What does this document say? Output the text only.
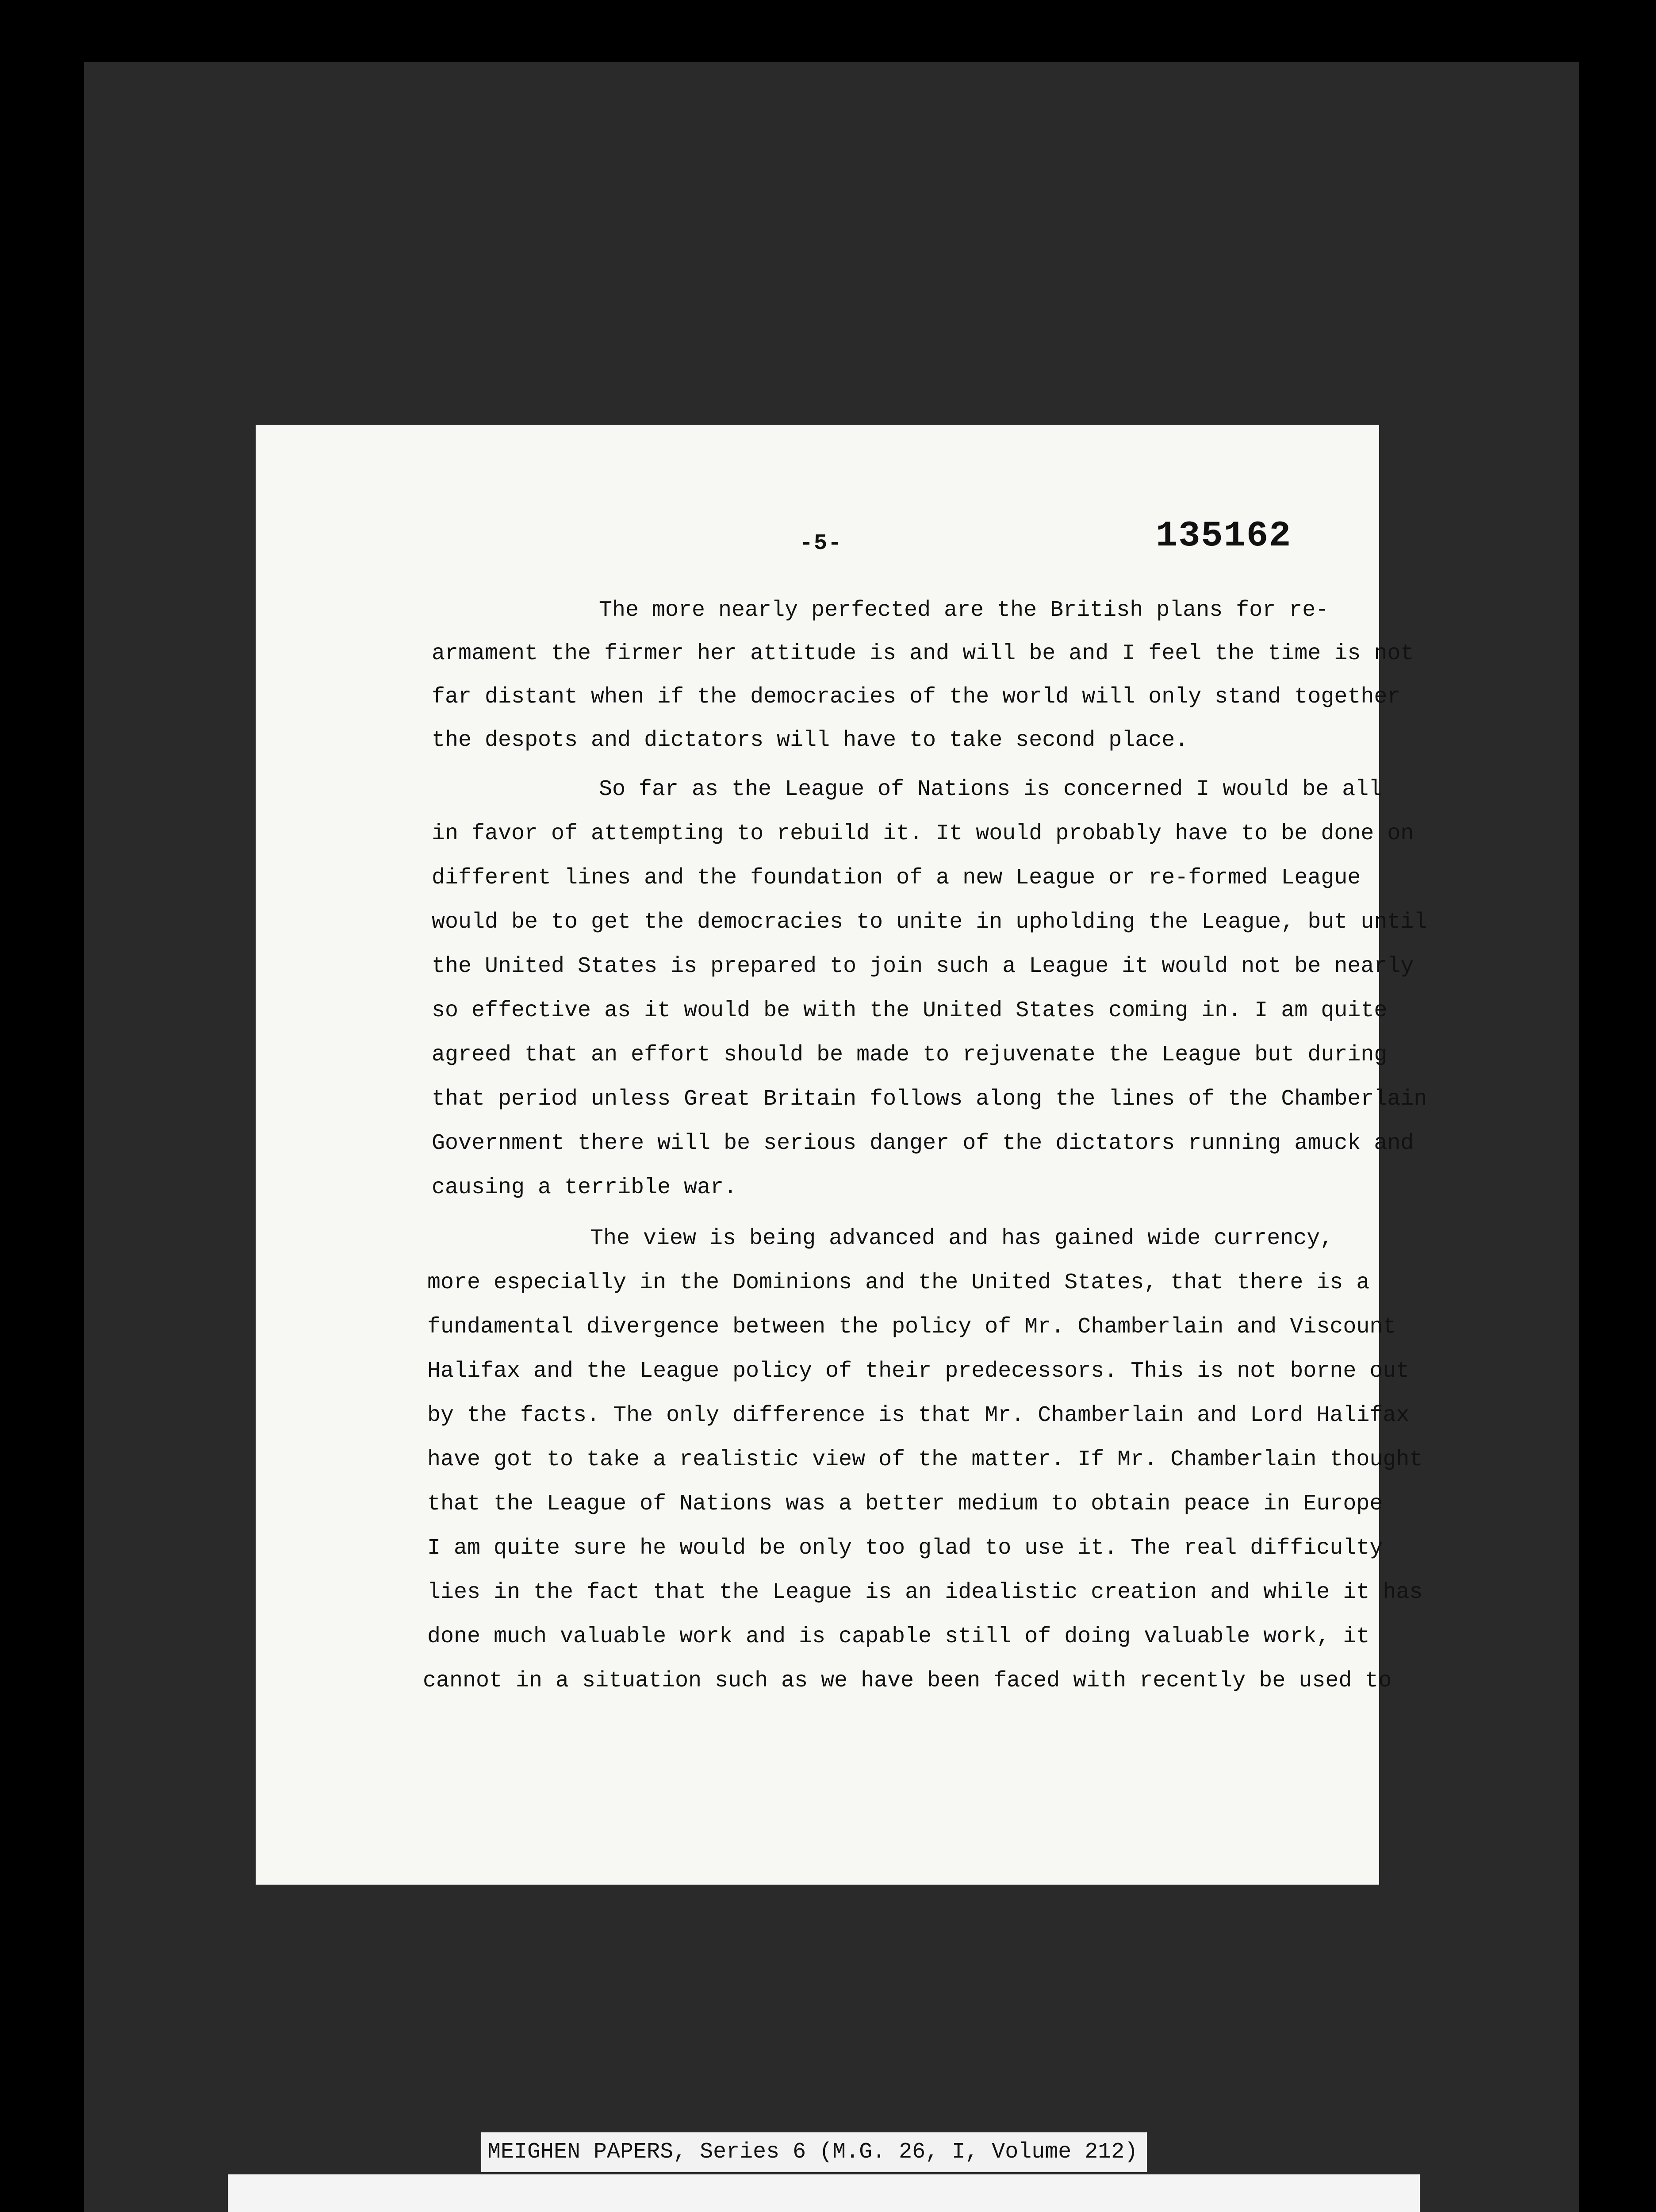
-5-	135162
The more nearly perfected are the British plans for re-
armament the firmer her attitude is and will be and I feel the time is not
far distant when if the democracies of the world will only stand together
the despots and dictators will have to take second place.
So far as the League of Nations is concerned I would be all
in favor of attempting to rebuild it. It would probably have to be done on
different lines and the foundation of a new League or re-formed League
would be to get the democracies to unite in upholding the League, but until
the United States is prepared to join such a League it would not be nearly
so effective as it would be with the United States coming in. I am quite
agreed that an effort should be made to rejuvenate the League but during
that period unless Great Britain follows along the lines of the Chamberlain
Government there will be serious danger of the dictators running amuck and
causing a terrible war.
The view is being advanced and has gained wide currency,
more especially in the Dominions and the United States, that there is a
fundamental divergence between the policy of Mr. Chamberlain and Viscount
Halifax and the League policy of their predecessors. This is not borne out
by the facts. The only difference is that Mr. Chamberlain and Lord Halifax
have got to take a realistic view of the matter. If Mr. Chamberlain thought
that the League of Nations was a better medium to obtain peace in Europe
I am quite sure he would be only too glad to use it. The real difficulty
lies in the fact that the League is an idealistic creation and while it has
done much valuable work and is capable still of doing valuable work, it
cannot in a situation such as we have been faced with recently be used to
MEIGHEN PAPERS, Series 6 (M.G. 26, I, Volume 212)
